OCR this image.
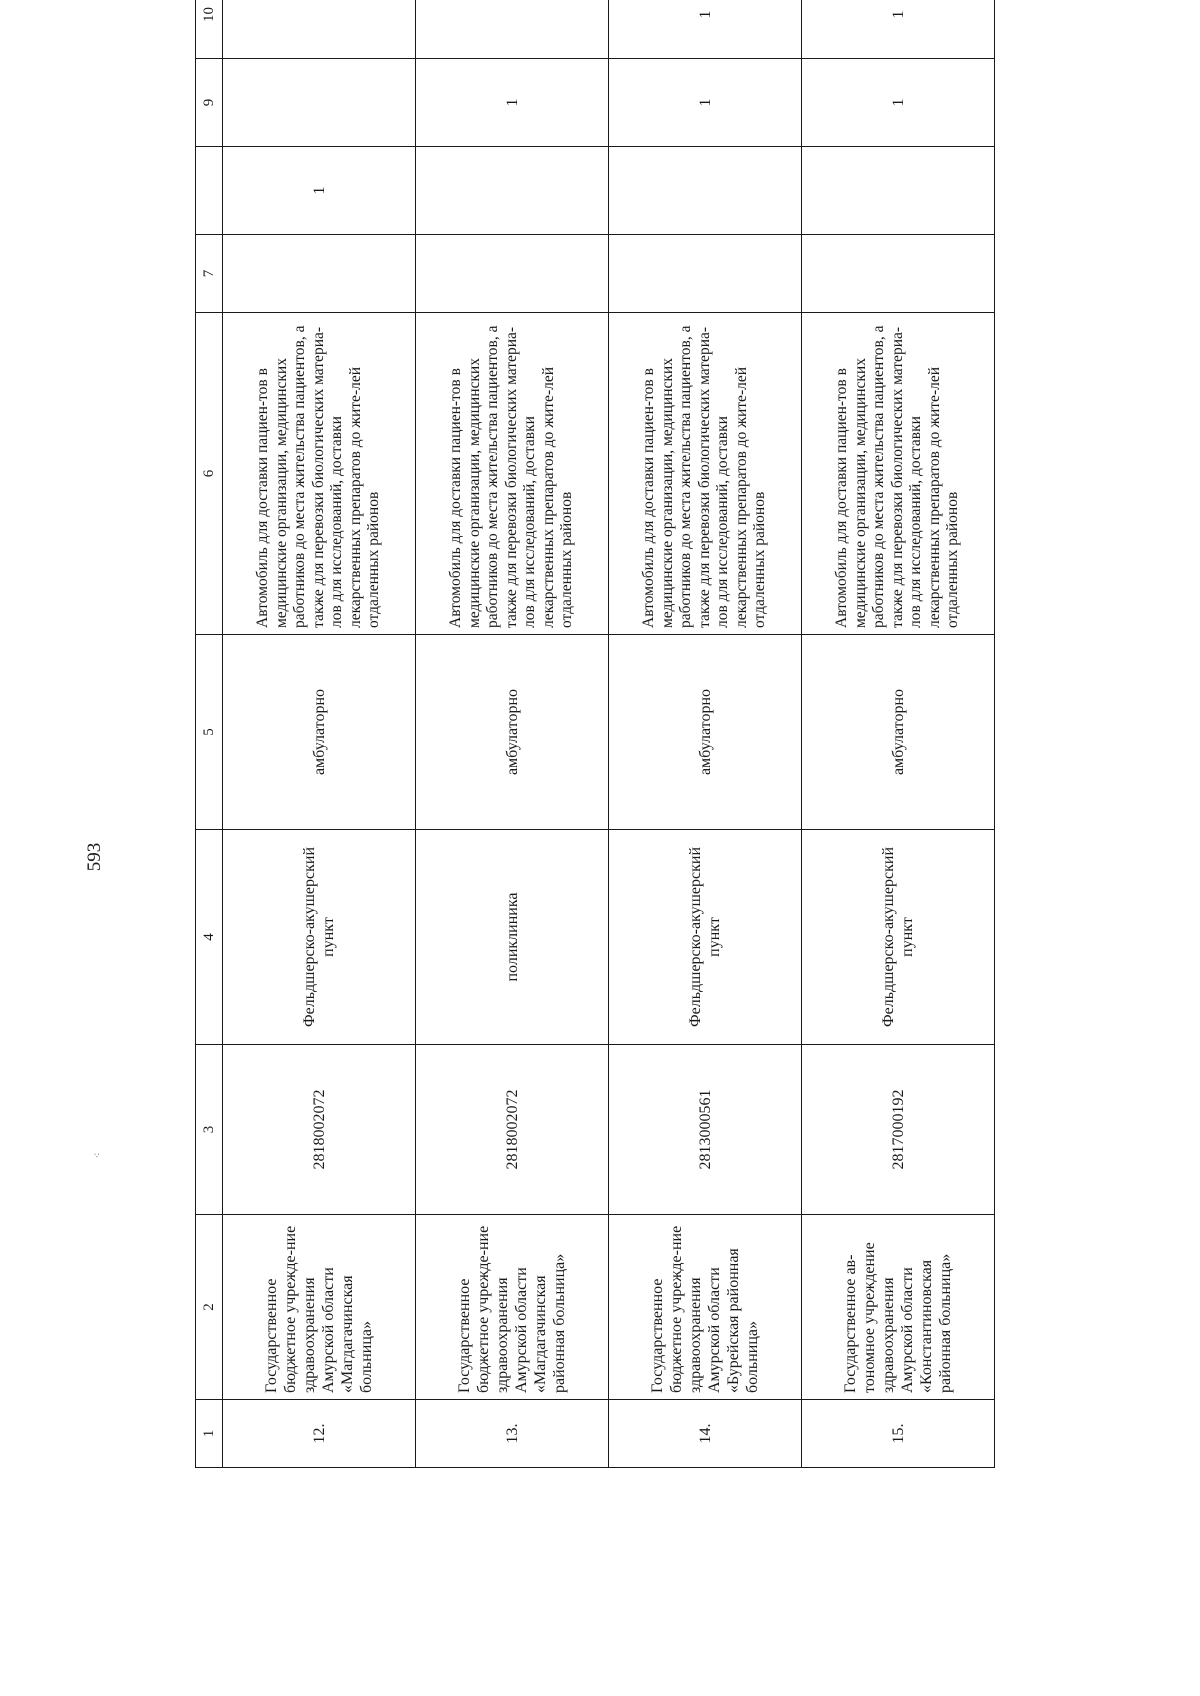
593
⁖
1	2	3	4	5	6	7		9	10	
12.	Государственное бюджетное учрежде-ние здравоохранения Амурской области «Магдагачинская больница»	2818002072	Фельдшерско-акушерский пункт	амбулаторно	Автомобиль для доставки пациен-тов в медицинские организации, медицинских работников до места жительства пациентов, а также для перевозки биологических материа-лов для исследований, доставки лекарственных препаратов до жите-лей отдаленных районов		1			
13.	Государственное бюджетное учрежде-ние здравоохранения Амурской области «Магдагачинская районная больница»	2818002072	поликлиника	амбулаторно	Автомобиль для доставки пациен-тов в медицинские организации, медицинских работников до места жительства пациентов, а также для перевозки биологических материа-лов для исследований, доставки лекарственных препаратов до жите-лей отдаленных районов			1		
14.	Государственное бюджетное учрежде-ние здравоохранения Амурской области «Бурейская районная больница»	2813000561	Фельдшерско-акушерский пункт	амбулаторно	Автомобиль для доставки пациен-тов в медицинские организации, медицинских работников до места жительства пациентов, а также для перевозки биологических материа-лов для исследований, доставки лекарственных препаратов до жите-лей отдаленных районов			1	1	
15.	Государственное ав-тономное учреждение здравоохранения Амурской области «Константиновская районная больница»	2817000192	Фельдшерско-акушерский пункт	амбулаторно	Автомобиль для доставки пациен-тов в медицинские организации, медицинских работников до места жительства пациентов, а также для перевозки биологических материа-лов для исследований, доставки лекарственных препаратов до жите-лей отдаленных районов			1	1	
